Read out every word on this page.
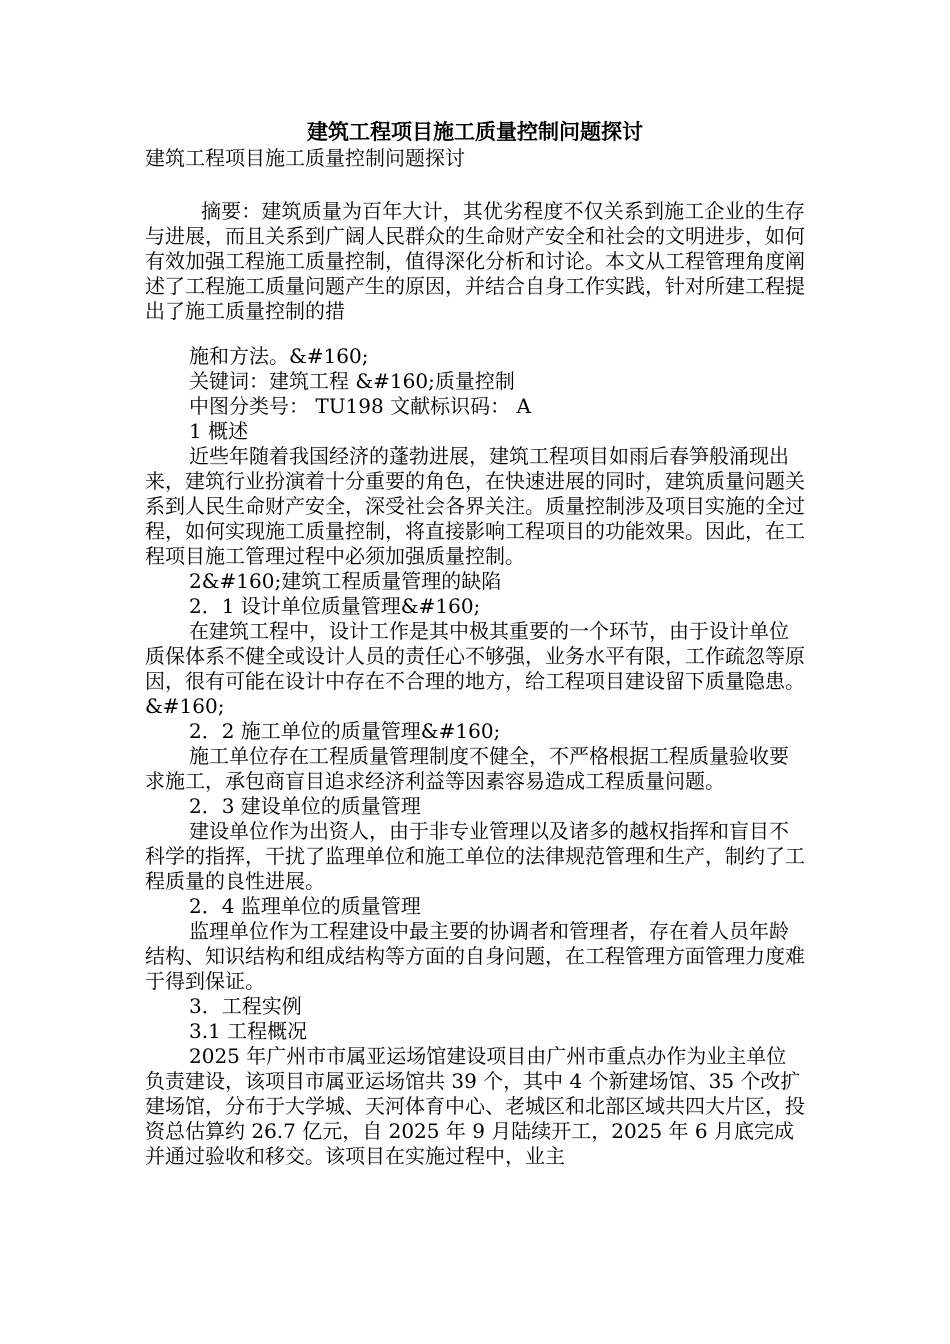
建筑工程项目施工质量控制问题探讨

建筑工程项目施工质量控制问题探讨

摘要：建筑质量为百年大计，其优劣程度不仅关系到施工企业的生存与进展，而且关系到广阔人民群众的生命财产安全和社会的文明进步，如何有效加强工程施工质量控制，值得深化分析和讨论。本文从工程管理角度阐述了工程施工质量问题产生的原因，并结合自身工作实践，针对所建工程提出了施工质量控制的措

施和方法。&#160;

关键词：建筑工程 &#160;质量控制

中图分类号： TU198 文献标识码： A

1 概述

近些年随着我国经济的蓬勃进展，建筑工程项目如雨后春笋般涌现出来，建筑行业扮演着十分重要的角色，在快速进展的同时，建筑质量问题关系到人民生命财产安全，深受社会各界关注。质量控制涉及项目实施的全过程，如何实现施工质量控制，将直接影响工程项目的功能效果。因此，在工程项目施工管理过程中必须加强质量控制。

2&#160;建筑工程质量管理的缺陷

2．1 设计单位质量管理&#160;

在建筑工程中，设计工作是其中极其重要的一个环节，由于设计单位质保体系不健全或设计人员的责任心不够强，业务水平有限，工作疏忽等原因，很有可能在设计中存在不合理的地方，给工程项目建设留下质量隐患。&#160;

2．2 施工单位的质量管理&#160;

施工单位存在工程质量管理制度不健全，不严格根据工程质量验收要求施工，承包商盲目追求经济利益等因素容易造成工程质量问题。

2．3 建设单位的质量管理

建设单位作为出资人，由于非专业管理以及诸多的越权指挥和盲目不科学的指挥，干扰了监理单位和施工单位的法律规范管理和生产，制约了工程质量的良性进展。

2．4 监理单位的质量管理

监理单位作为工程建设中最主要的协调者和管理者，存在着人员年龄结构、知识结构和组成结构等方面的自身问题，在工程管理方面管理力度难于得到保证。

3．工程实例

3.1 工程概况

2025 年广州市市属亚运场馆建设项目由广州市重点办作为业主单位负责建设，该项目市属亚运场馆共 39 个，其中 4 个新建场馆、35 个改扩建场馆，分布于大学城、天河体育中心、老城区和北部区域共四大片区，投资总估算约 26.7 亿元，自 2025 年 9 月陆续开工，2025 年 6 月底完成并通过验收和移交。该项目在实施过程中，业主
